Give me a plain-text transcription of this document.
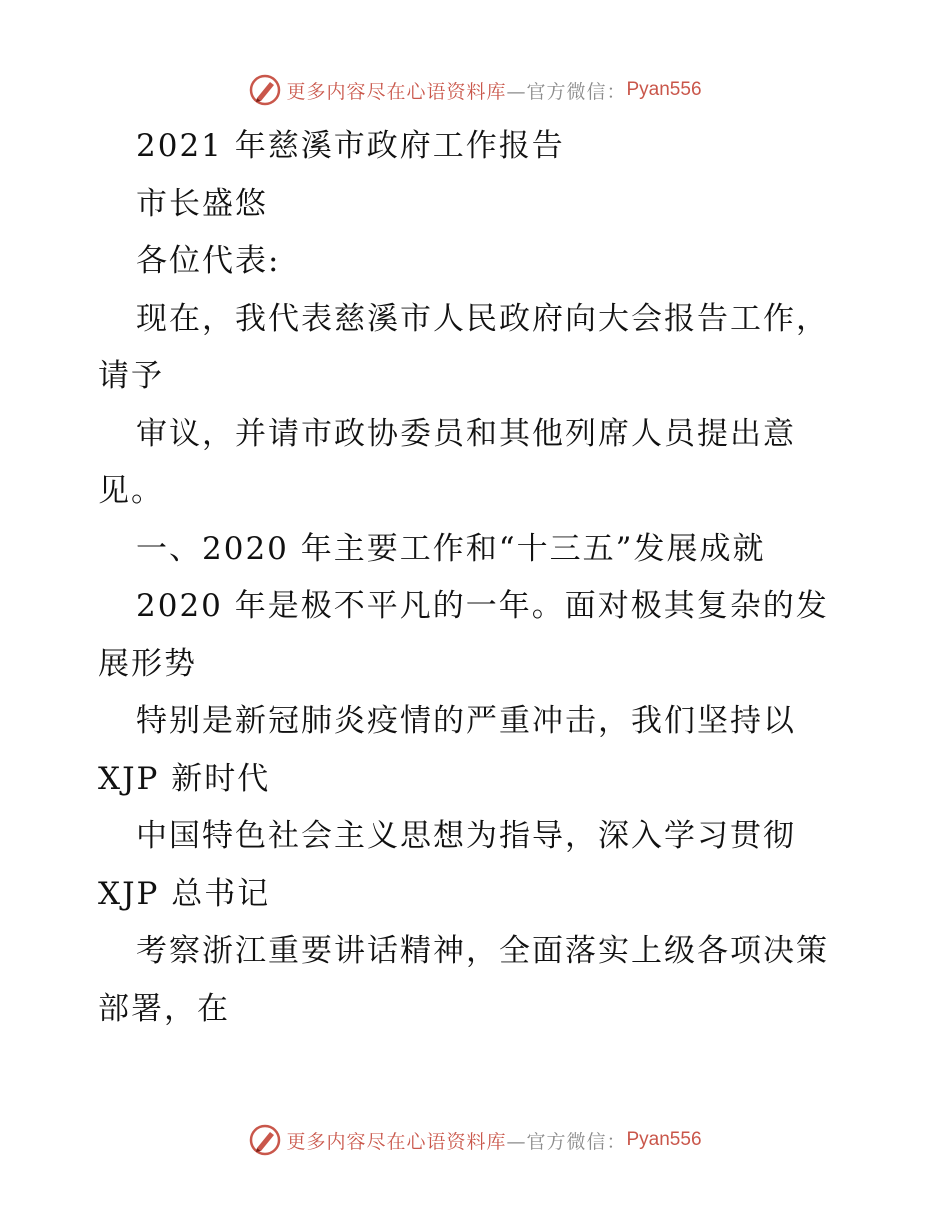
更多内容尽在心语资料库 —官方微信： Pyan556
2021 年慈溪市政府工作报告
市长盛悠
各位代表:
现在，我代表慈溪市人民政府向大会报告工作，
请予
审议，并请市政协委员和其他列席人员提出意
见。
一、2020 年主要工作和“十三五”发展成就
2020 年是极不平凡的一年。面对极其复杂的发
展形势
特别是新冠肺炎疫情的严重冲击，我们坚持以
XJP 新时代
中国特色社会主义思想为指导，深入学习贯彻
XJP 总书记
考察浙江重要讲话精神，全面落实上级各项决策
部署，在
更多内容尽在心语资料库 —官方微信： Pyan556
